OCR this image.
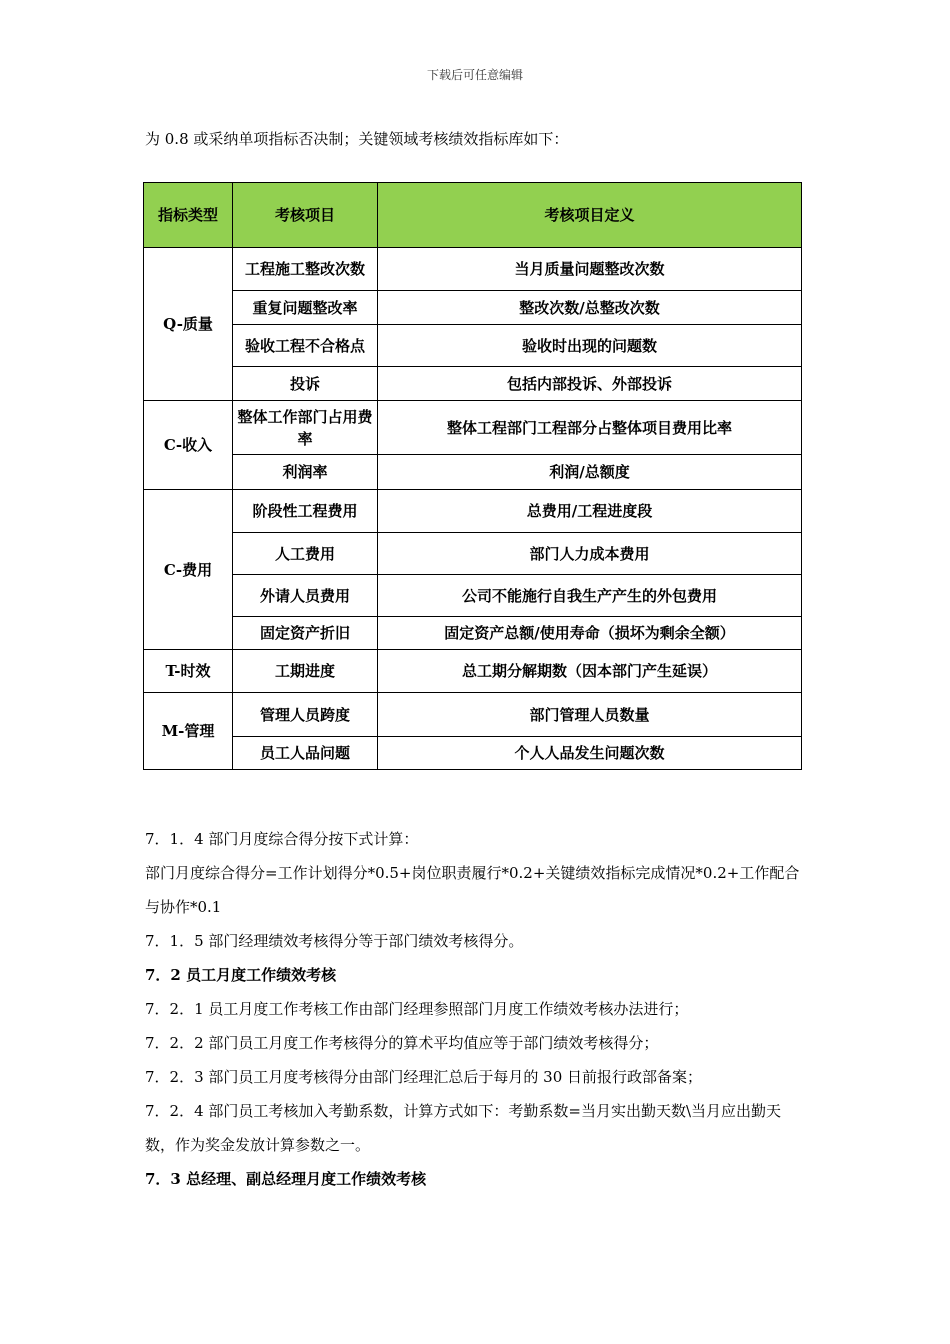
下载后可任意编辑
为 0.8 或采纳单项指标否决制；关键领域考核绩效指标库如下：
指标类型	考核项目	考核项目定义
Q-质量	工程施工整改次数	当月质量问题整改次数
	重复问题整改率	整改次数/总整改次数
	验收工程不合格点	验收时出现的问题数
	投诉	包括内部投诉、外部投诉
C-收入	整体工作部门占用费率	整体工程部门工程部分占整体项目费用比率
	利润率	利润/总额度
C-费用	阶段性工程费用	总费用/工程进度段
	人工费用	部门人力成本费用
	外请人员费用	公司不能施行自我生产产生的外包费用
	固定资产折旧	固定资产总额/使用寿命（损坏为剩余全额）
T-时效	工期进度	总工期分解期数（因本部门产生延误）
M-管理	管理人员跨度	部门管理人员数量
	员工人品问题	个人人品发生问题次数

7．1．4 部门月度综合得分按下式计算：

部门月度综合得分=工作计划得分*0.5+岗位职责履行*0.2+关键绩效指标完成情况*0.2+工作配合与协作*0.1

7．1．5 部门经理绩效考核得分等于部门绩效考核得分。

7．2 员工月度工作绩效考核

7．2．1 员工月度工作考核工作由部门经理参照部门月度工作绩效考核办法进行；

7．2．2 部门员工月度工作考核得分的算术平均值应等于部门绩效考核得分；

7．2．3 部门员工月度考核得分由部门经理汇总后于每月的 30 日前报行政部备案；

7．2．4 部门员工考核加入考勤系数，计算方式如下：考勤系数=当月实出勤天数\当月应出勤天数，作为奖金发放计算参数之一。

7．3 总经理、副总经理月度工作绩效考核
